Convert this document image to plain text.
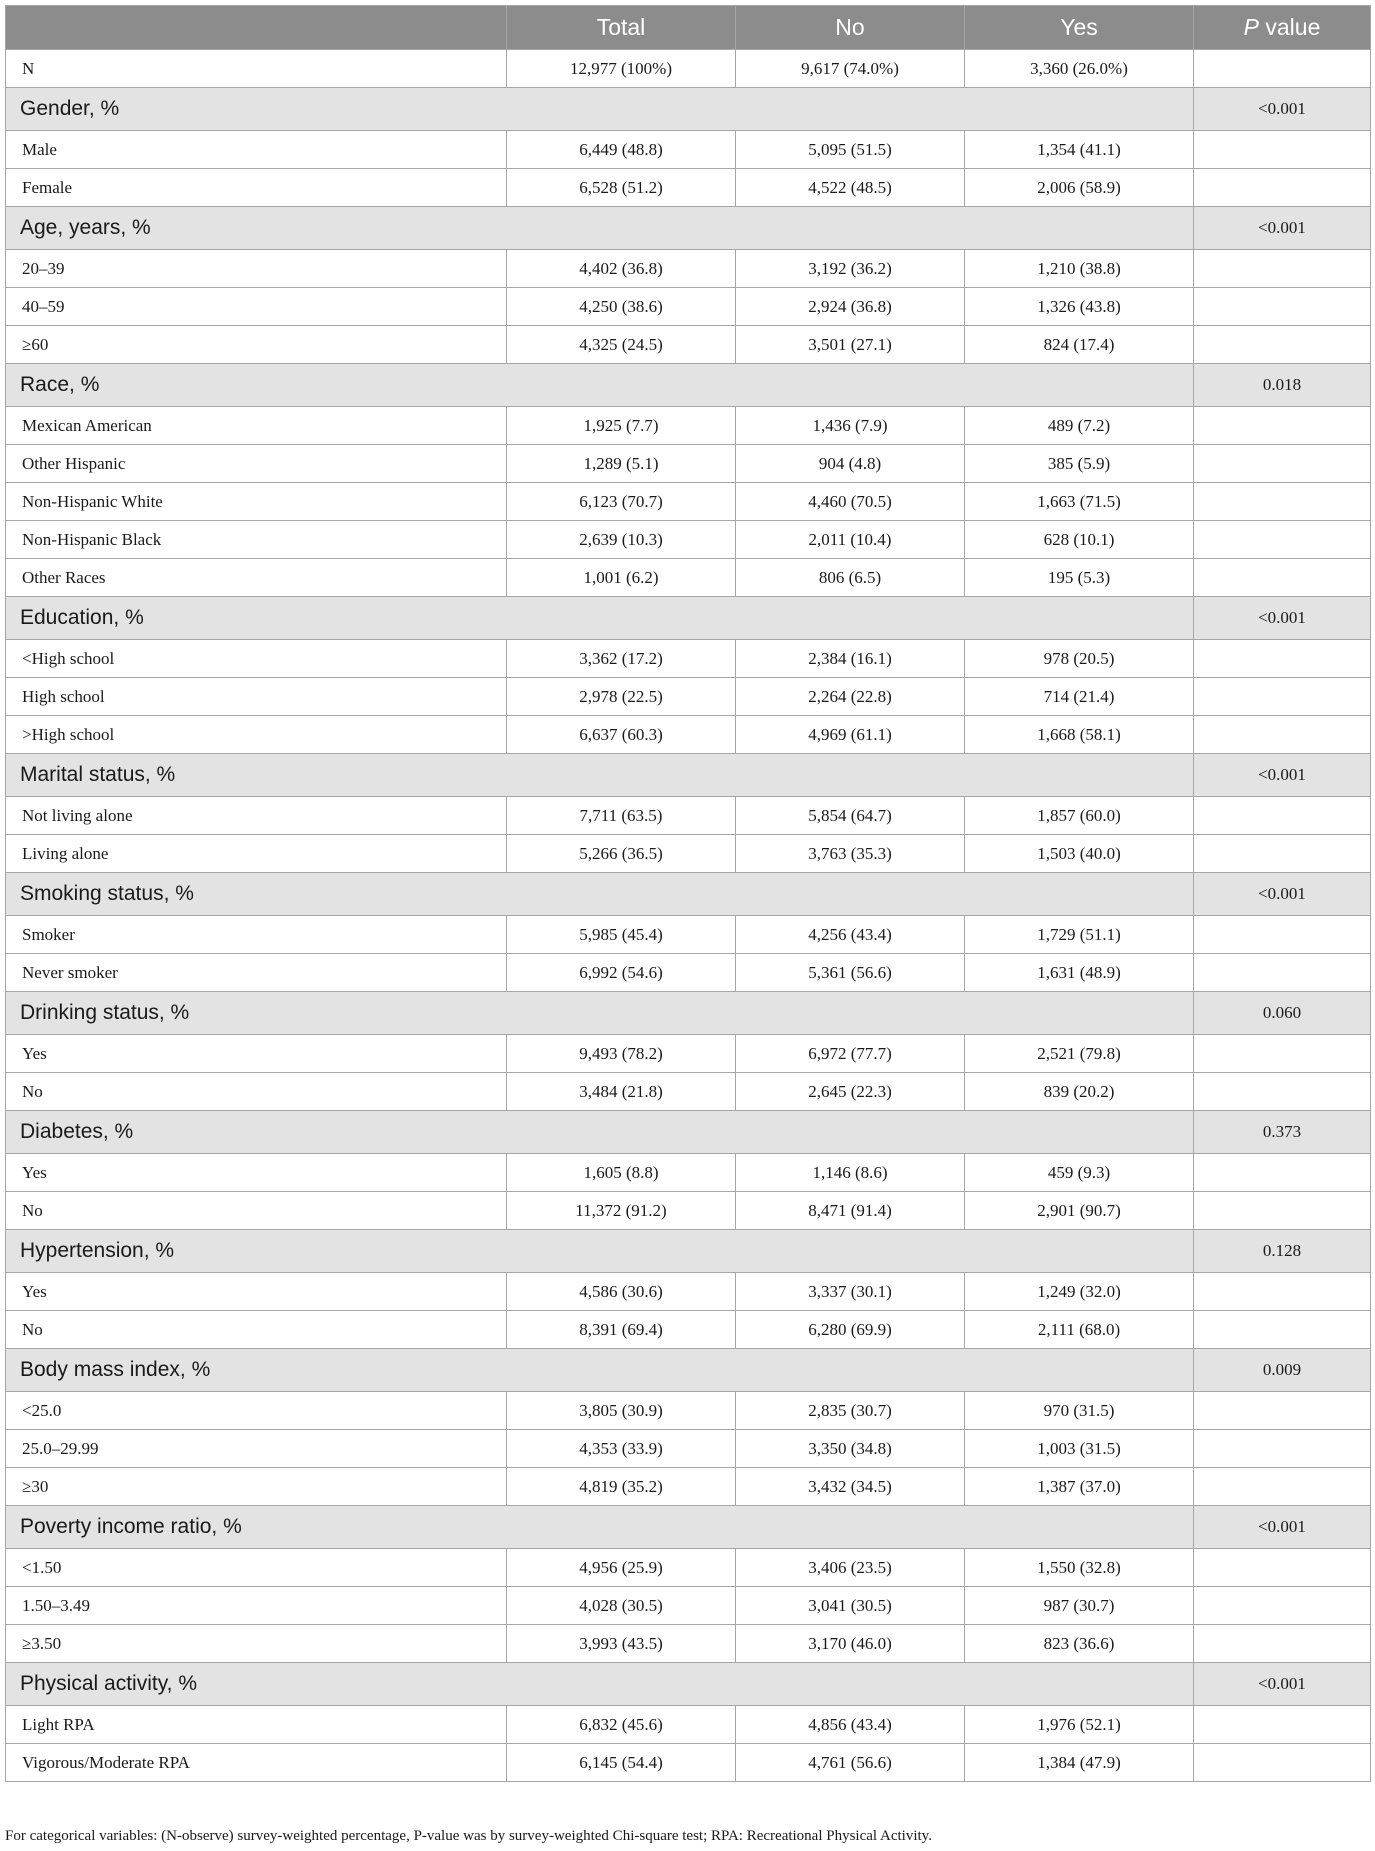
	Total	No	Yes	P value
N	12,977 (100%)	9,617 (74.0%)	3,360 (26.0%)	
Gender, %				<0.001
Male	6,449 (48.8)	5,095 (51.5)	1,354 (41.1)	
Female	6,528 (51.2)	4,522 (48.5)	2,006 (58.9)	
Age, years, %				<0.001
20–39	4,402 (36.8)	3,192 (36.2)	1,210 (38.8)	
40–59	4,250 (38.6)	2,924 (36.8)	1,326 (43.8)	
≥60	4,325 (24.5)	3,501 (27.1)	824 (17.4)	
Race, %				0.018
Mexican American	1,925 (7.7)	1,436 (7.9)	489 (7.2)	
Other Hispanic	1,289 (5.1)	904 (4.8)	385 (5.9)	
Non-Hispanic White	6,123 (70.7)	4,460 (70.5)	1,663 (71.5)	
Non-Hispanic Black	2,639 (10.3)	2,011 (10.4)	628 (10.1)	
Other Races	1,001 (6.2)	806 (6.5)	195 (5.3)	
Education, %				<0.001
<High school	3,362 (17.2)	2,384 (16.1)	978 (20.5)	
High school	2,978 (22.5)	2,264 (22.8)	714 (21.4)	
>High school	6,637 (60.3)	4,969 (61.1)	1,668 (58.1)	
Marital status, %				<0.001
Not living alone	7,711 (63.5)	5,854 (64.7)	1,857 (60.0)	
Living alone	5,266 (36.5)	3,763 (35.3)	1,503 (40.0)	
Smoking status, %				<0.001
Smoker	5,985 (45.4)	4,256 (43.4)	1,729 (51.1)	
Never smoker	6,992 (54.6)	5,361 (56.6)	1,631 (48.9)	
Drinking status, %				0.060
Yes	9,493 (78.2)	6,972 (77.7)	2,521 (79.8)	
No	3,484 (21.8)	2,645 (22.3)	839 (20.2)	
Diabetes, %				0.373
Yes	1,605 (8.8)	1,146 (8.6)	459 (9.3)	
No	11,372 (91.2)	8,471 (91.4)	2,901 (90.7)	
Hypertension, %				0.128
Yes	4,586 (30.6)	3,337 (30.1)	1,249 (32.0)	
No	8,391 (69.4)	6,280 (69.9)	2,111 (68.0)	
Body mass index, %				0.009
<25.0	3,805 (30.9)	2,835 (30.7)	970 (31.5)	
25.0–29.99	4,353 (33.9)	3,350 (34.8)	1,003 (31.5)	
≥30	4,819 (35.2)	3,432 (34.5)	1,387 (37.0)	
Poverty income ratio, %				<0.001
<1.50	4,956 (25.9)	3,406 (23.5)	1,550 (32.8)	
1.50–3.49	4,028 (30.5)	3,041 (30.5)	987 (30.7)	
≥3.50	3,993 (43.5)	3,170 (46.0)	823 (36.6)	
Physical activity, %				<0.001
Light RPA	6,832 (45.6)	4,856 (43.4)	1,976 (52.1)	
Vigorous/Moderate RPA	6,145 (54.4)	4,761 (56.6)	1,384 (47.9)	
For categorical variables: (N-observe) survey-weighted percentage, P-value was by survey-weighted Chi-square test; RPA: Recreational Physical Activity.
